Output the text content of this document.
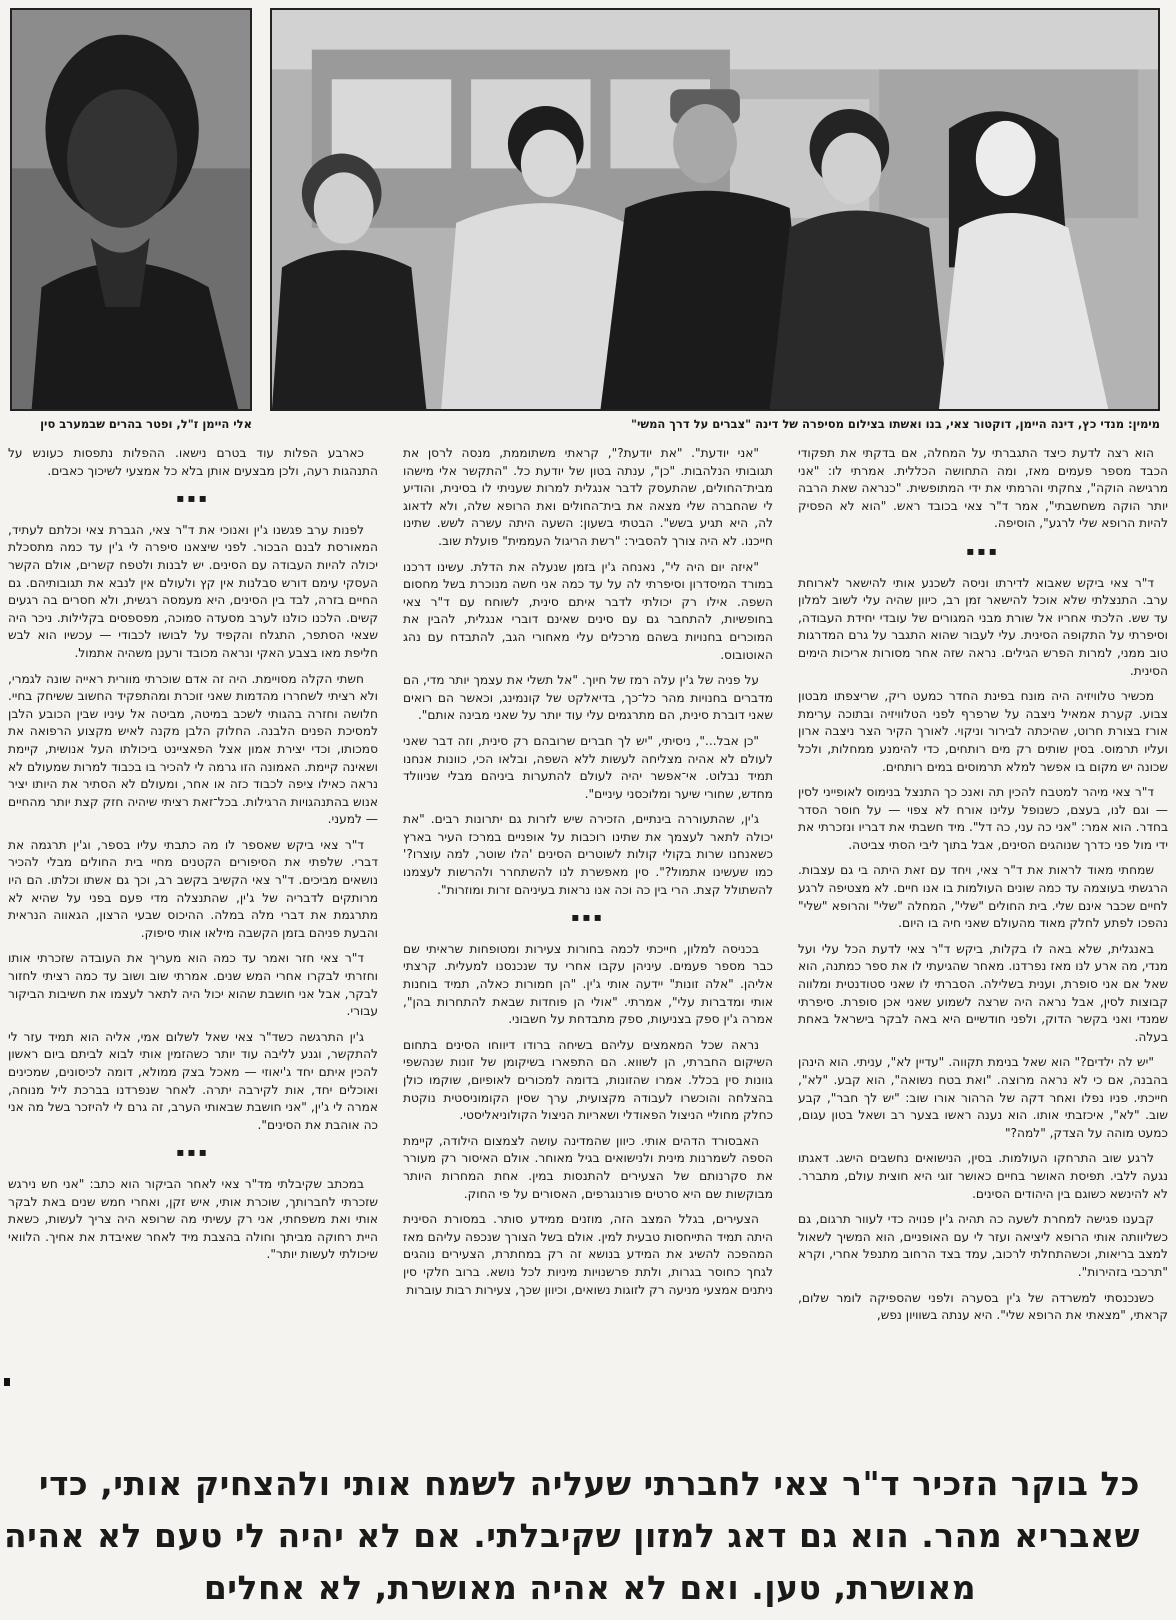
מימין: מנדי כץ, דינה היימן, דוקטור צאי, בנו ואשתו בצילום מסיפרה של דינה "צברים על דרך המשי"
אלי היימן ז"ל, ופטר בהרים שבמערב סין

הוא רצה לדעת כיצד התגברתי על המחלה, אם בדקתי את תפקודי הכבד מספר פעמים מאז, ומה התחושה הכללית. אמרתי לו: "אני מרגישה הוקה", צחקתי והרמתי את ידי המתופשית. "כנראה שאת הרבה יותר הוקה משחשבתי", אמר ד"ר צאי בכובד ראש. "הוא לא הפסיק להיות הרופא שלי לרגע", הוסיפה.

▪▪▪

ד"ר צאי ביקש שאבוא לדירתו וניסה לשכנע אותי להישאר לארוחת ערב. התנצלתי שלא אוכל להישאר זמן רב, כיוון שהיה עלי לשוב למלון עד שש. הלכתי אחריו אל שורת מבני המגורים של עובדי יחידת העבודה, וסיפרתי על התקופה הסינית. עלי לעבור שהוא התגבר על גרם המדרגות טוב ממני, למרות הפרש הגילים. נראה שזה אחר מסורות אריכות הימים הסינית.

מכשיר טלוויזיה היה מונח בפינת החדר כמעט ריק, שריצפתו מבטון צבוע. קערת אמאיל ניצבה על שרפרף לפני הטלוויזיה ובתוכה ערימת אורז בצורת חרוט, שהיכתה לבירור וניקוי. לאורך הקיר הצר ניצבה ארון ועליו תרמוס. בסין שותים רק מים רותחים, כדי להימנע ממחלות, ולכל שכונה יש מקום בו אפשר למלא תרמוסים במים רותחים.

ד"ר צאי מיהר למטבח להכין תה ואנכ כך התנצל בנימוס לאופייני לסין — וגם לנו, בעצם, כשנופל עלינו אורח לא צפוי — על חוסר הסדר בחדר. הוא אמר: "אני כה עני, כה דל". מיד חשבתי את דבריו ונזכרתי את ידי מול פני כדרך שנוהגים הסינים, אבל בתוך ליבי הסתי צביטה.

שמחתי מאוד לראות את ד"ר צאי, ויחד עם זאת היתה בי גם עצבות. הרגשתי בעוצמה עד כמה שונים העולמות בו אנו חיים. לא מצטיפה לרגע לחיים שכבר אינם שלי. בית החולים "שלי", המחלה "שלי" והרופא "שלי" נהפכו לפתע לחלק מאוד מהעולם שאני חיה בו היום.

באנגלית, שלא באה לו בקלות, ביקש ד"ר צאי לדעת הכל עלי ועל מנדי, מה ארע לנו מאז נפרדנו. מאחר שהגיעתי לו את ספר כמתנה, הוא שאל אם אני סופרת, וענית בשלילה. הסברתי לו שאני סטודנטית ומלווה קבוצות לסין, אבל נראה היה שרצה לשמוע שאני אכן סופרת. סיפרתי שמנדי ואני בקשר הדוק, ולפני חודשיים היא באה לבקר בישראל באחת בעלה.

"יש לה ילדים?" הוא שאל בנימת תקווה. "עדיין לא", עניתי. הוא הינהן בהבנה, אם כי לא נראה מרוצה. "ואת בטח נשואה", הוא קבע. "לא", חייכתי. פניו נפלו ואחר דקה של הרהור אורו שוב: "יש לך חבר", קבע שוב. "לא", איכזבתי אותו. הוא נענה ראשו בצער רב ושאל בטון עגום, כמעט מוהה על הצדק, "למה?"

לרגע שוב התרחקו העולמות. בסין, הנישואים נחשבים הישג. דאגתו נגעה ללבי. תפיסת האושר בחיים כאושר זוגי היא חוצית עולם, מתברר. לא להינשא כשוגם בין היהודים הסינים.

קבענו פגישה למחרת לשעה כה תהיה ג'ין פנויה כדי לעוור תרגום, גם כשליוותה אותי הרופא ליציאה ועזר לי עם האופניים, הוא המשיך לשאול למצב בריאות, וכשהתחלתי לרכוב, עמד בצד הרחוב מתנפל אחרי, וקרא "תרכבי בזהירות".

כשנכנסתי למשרדה של ג'ין בסערה ולפני שהספיקה לומר שלום, קראתי, "מצאתי את הרופא שלי". היא ענתה בשוויון נפש,

"אני יודעת". "את יודעת?", קראתי משתוממת, מנסה לרסן את תגובותי הנלהבות. "כן", ענתה בטון של יודעת כל. "התקשר אלי מישהו מבית־החולים, שהתעסק לדבר אנגלית למרות שעניתי לו בסינית, והודיע לי שהחברה שלי מצאה את בית־החולים ואת הרופא שלה, ולא לדאוג לה, היא תגיע בשש". הבטתי בשעון: השעה היתה עשרה לשש. שתינו חייכנו. לא היה צורך להסביר: "רשת הריגול העממית" פועלת שוב.

"איזה יום היה לי", נאנחה ג'ין בזמן שנעלה את הדלת. עשינו דרכנו במורד המיסדרון וסיפרתי לה על עד כמה אני חשה מנוכרת בשל מחסום השפה. אילו רק יכולתי לדבר איתם סינית, לשוחח עם ד"ר צאי בחופשיות, להתחבר גם עם סינים שאינם דוברי אנגלית, להבין את המוכרים בחנויות בשהם מרכלים עלי מאחורי הגב, להתבדח עם נהג האוטובוס.

על פניה של ג'ין עלה רמז של חיוך. "אל תשלי את עצמך יותר מדי, הם מדברים בחנויות מהר כל־כך, בדיאלקט של קונמינג, וכאשר הם רואים שאני דוברת סינית, הם מתרגמים עלי עוד יותר על שאני מבינה אותם".

"כן אבל...", ניסיתי, "יש לך חברים שרובהם רק סינית, וזה דבר שאני לעולם לא אהיה מצליחה לעשות ללא השפה, ובלאו הכי, כוונות אנחנו תמיד נבלוט. אי־אפשר יהיה לעולם להתערות ביניהם מבלי שניוולד מחדש, שחורי שיער ומלוכסני עיניים".

ג'ין, שהתעוררה בינתיים, הזכירה שיש לזרות גם יתרונות רבים. "את יכולה לתאר לעצמך את שתינו רוכבות על אופניים במרכז העיר בארץ כשאנחנו שרות בקולי קולות לשוטרים הסינים 'הלו שוטר, למה עוצרו?' כמו שעשינו אתמול?". סין מאפשרת לנו להשתחרר ולהרשות לעצמנו להשתולל קצת. הרי בין כה וכה אנו נראות בעיניהם זרות ומוזרות".

▪▪▪

בכניסה למלון, חייכתי לכמה בחורות צעירות ומטופחות שראיתי שם כבר מספר פעמים. עיניהן עקבו אחרי עד שנכנסנו למעלית. קרצתי אליהן. "אלה זונות" יידעה אותי ג'ין. "הן חמורות כאלה, תמיד בוחנות אותי ומדברות עלי", אמרתי. "אולי הן פוחדות שבאת להתחרות בהן", אמרה ג'ין ספק בצניעות, ספק מתבדחת על חשבוני.

נראה שכל המאמצים עליהם בשיחה ברודו דיווחו הסינים בתחום השיקום החברתי, הן לשווא. הם התפארו בשיקומן של זונות שנהשפי גוונות סין בכלל. אמרו שהזונות, בדומה למכורים לאופיום, שוקמו כולן בהצלחה והוכשרו לעבודה מקצועית, ערך שסין הקומוניסטית נוקטת כחלק מחוליי הניצול הפאודלי ושאריות הניצול הקולוניאליסטי.

האבסורד הדהים אותי. כיוון שהמדינה עושה לצמצום הילודה, קיימת הספה לשמרנות מינית ולנישואים בגיל מאוחר. אולם האיסור רק מעורר את סקרנותם של הצעירים להתנסות במין. אחת המחרות היותר מבוקשות שם היא סרטים פורנוגרפים, האסורים על פי החוק.

הצעירים, בגלל המצב הזה, מוזנים ממידע סותר. במסורת הסינית היתה תמיד התייחסות טבעית למין. אולם בשל הצורך שנכפה עליהם מאז המהפכה להשיג את המידע בנושא זה רק במחתרת, הצעירים נוהגים לגחך כחוסר בגרות, ולתת פרשנויות מיניות לכל נושא. ברוב חלקי סין ניתנים אמצעי מניעה רק לזוגות נשואים, וכיוון שכך, צעירות רבות עוברות

כארבע הפלות עוד בטרם נישאו. ההפלות נתפסות כעונש על התנהגות רעה, ולכן מבצעים אותן בלא כל אמצעי לשיכוך כאבים.

▪▪▪

לפנות ערב פגשנו ג'ין ואנוכי את ד"ר צאי, הגברת צאי וכלתם לעתיד, המאורסת לבנם הבכור. לפני שיצאנו סיפרה לי ג'ין עד כמה מתסכלת יכולה להיות העבודה עם הסינים. יש לבנות ולטפח קשרים, אולם הקשר העסקי עימם דורש סבלנות אין קץ ולעולם אין לנבא את תגובותיהם. גם החיים בזרה, לבד בין הסינים, היא מעמסה רגשית, ולא חסרים בה רגעים קשים. הלכנו כולנו לערב מסעדה סמוכה, מפספסים בקלילות. ניכר היה שצאי הסתפר, התגלח והקפיד על לבושו לכבודי — עכשיו הוא לבש חליפת מאו בצבע האקי ונראה מכובד ורענן משהיה אתמול.

חשתי הקלה מסויימת. היה זה אדם שוכרתי מוורית ראייה שונה לגמרי, ולא רציתי לשחררו מהדמות שאני זוכרת ומהתפקיד החשוב ששיחק בחיי. חלושה וחזרה בהגותי לשכב במיטה, מביטה אל עיניו שבין הכובע הלבן למסיכת הפנים הלבנה. החלוק הלבן מקנה לאיש מקצוע הרפואה את סמכותו, וכדי יצירת אמון אצל הפאציינט ביכולתו העל אנושית, קיימת ושאינה קיימת. האמונה הזו גרמה לי להכיר בו בכבוד למרות שמעולם לא נראה כאילו ציפה לכבוד כזה או אחר, ומעולם לא הסתיר את היותו יציר אנוש בהתנהגויות הרגילות. בכל־זאת רציתי שיהיה חזק קצת יותר מהחיים — למעני.

ד"ר צאי ביקש שאספר לו מה כתבתי עליו בספר, וג'ין תרגמה את דברי. שלפתי את הסיפורים הקטנים מחיי בית החולים מבלי להכיר נושאים מביכים. ד"ר צאי הקשיב בקשב רב, וכך גם אשתו וכלתו. הם היו מרותקים לדבריה של ג'ין, שהתנצלה מדי פעם בפני על שהיא לא מתרגמת את דברי מלה במלה. ההיכוס שבעי הרצון, הגאווה הנראית והבעת פניהם בזמן הקשבה מילאו אותי סיפוק.

ד"ר צאי חזר ואמר עד כמה הוא מעריך את העובדה שזכרתי אותו וחזרתי לבקרו אחרי המש שנים. אמרתי שוב ושוב עד כמה רציתי לחזור לבקר, אבל אני חושבת שהוא יכול היה לתאר לעצמו את חשיבות הביקור עבורי.

ג'ין התרגשה כשד"ר צאי שאל לשלום אמי, אליה הוא תמיד עזר לי להתקשר, וגנע לליבה עוד יותר כשהזמין אותי לבוא לביתם ביום ראשון להכין איתם יחד ג'יאוזי — מאכל בצק ממולא, דומה לכיסונים, שמכינים ואוכלים יחד, אות לקירבה יתרה. לאחר שנפרדנו בברכת ליל מנוחה, אמרה לי ג'ין, "אני חושבת שבאותי הערב, זה גרם לי להיזכר בשל מה אני כה אוהבת את הסינים".

▪▪▪

במכתב שקיבלתי מד"ר צאי לאחר הביקור הוא כתב: "אני חש נירגש שזכרתי לחברותך, שוכרת אותי, איש זקן, ואחרי חמש שנים באת לבקר אותי ואת משפחתי, אני רק עשיתי מה שרופא היה צריך לעשות, כשאת היית רחוקה מביתך וחולה בהצבת מיד לאחר שאיבדת את אחיך. הלוואי שיכולתי לעשות יותר".

כל בוקר הזכיר ד"ר צאי לחברתי שעליה לשמח אותי ולהצחיק אותי, כדי
שאבריא מהר. הוא גם דאג למזון שקיבלתי. אם לא יהיה לי טעם לא אהיה
מאושרת, טען. ואם לא אהיה מאושרת, לא אחלים
